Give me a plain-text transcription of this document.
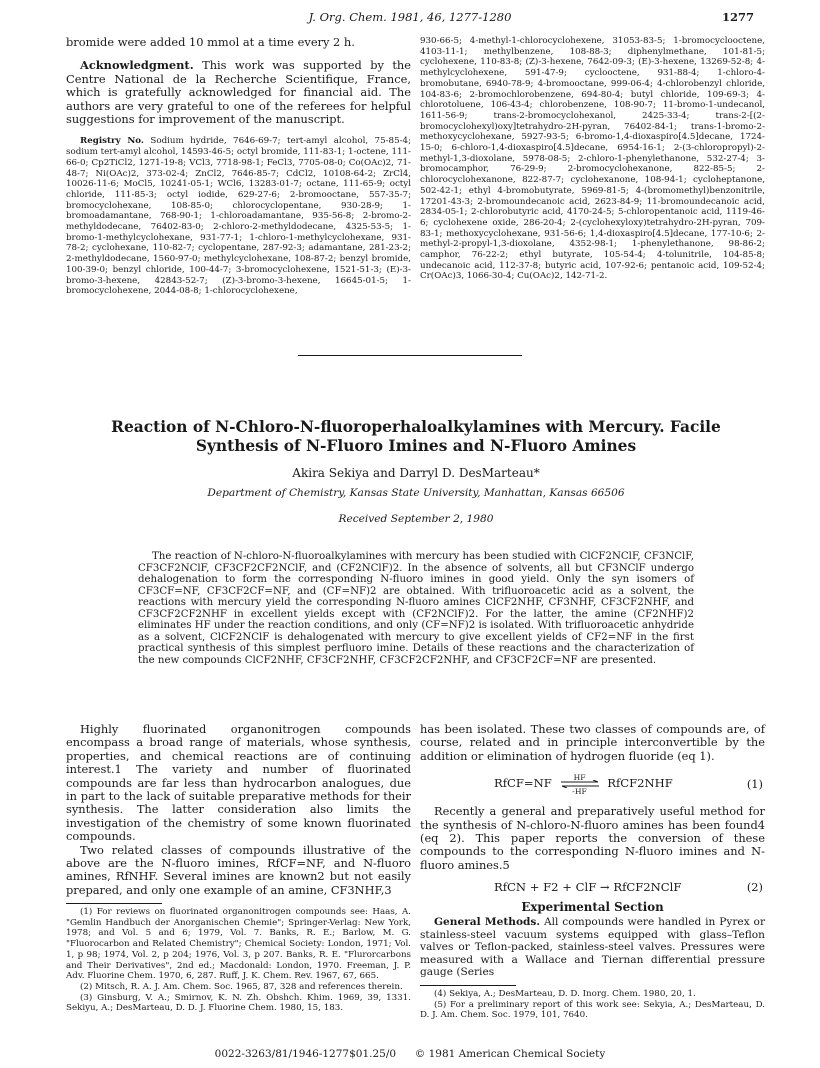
J. Org. Chem. 1981, 46, 1277-1280	1277

bromide were added 10 mmol at a time every 2 h.

Acknowledgment. This work was supported by the Centre National de la Recherche Scientifique, France, which is gratefully acknowledged for financial aid. The authors are very grateful to one of the referees for helpful suggestions for improvement of the manuscript.

Registry No. Sodium hydride, 7646-69-7; tert-amyl alcohol, 75-85-4; sodium tert-amyl alcohol, 14593-46-5; octyl bromide, 111-83-1; 1-octene, 111-66-0; Cp2TiCl2, 1271-19-8; VCl3, 7718-98-1; FeCl3, 7705-08-0; Co(OAc)2, 71-48-7; Ni(OAc)2, 373-02-4; ZnCl2, 7646-85-7; CdCl2, 10108-64-2; ZrCl4, 10026-11-6; MoCl5, 10241-05-1; WCl6, 13283-01-7; octane, 111-65-9; octyl chloride, 111-85-3; octyl iodide, 629-27-6; 2-bromooctane, 557-35-7; bromocyclohexane, 108-85-0; chlorocyclopentane, 930-28-9; 1-bromoadamantane, 768-90-1; 1-chloroadamantane, 935-56-8; 2-bromo-2-methyldodecane, 76402-83-0; 2-chloro-2-methyldodecane, 4325-53-5; 1-bromo-1-methylcyclohexane, 931-77-1; 1-chloro-1-methylcyclohexane, 931-78-2; cyclohexane, 110-82-7; cyclopentane, 287-92-3; adamantane, 281-23-2; 2-methyldodecane, 1560-97-0; methylcyclohexane, 108-87-2; benzyl bromide, 100-39-0; benzyl chloride, 100-44-7; 3-bromocyclohexene, 1521-51-3; (E)-3-bromo-3-hexene, 42843-52-7; (Z)-3-bromo-3-hexene, 16645-01-5; 1-bromocyclohexene, 2044-08-8; 1-chlorocyclohexene,

930-66-5; 4-methyl-1-chlorocyclohexene, 31053-83-5; 1-bromocyclooctene, 4103-11-1; methylbenzene, 108-88-3; diphenylmethane, 101-81-5; cyclohexene, 110-83-8; (Z)-3-hexene, 7642-09-3; (E)-3-hexene, 13269-52-8; 4-methylcyclohexene, 591-47-9; cyclooctene, 931-88-4; 1-chloro-4-bromobutane, 6940-78-9; 4-bromooctane, 999-06-4; 4-chlorobenzyl chloride, 104-83-6; 2-bromochlorobenzene, 694-80-4; butyl chloride, 109-69-3; 4-chlorotoluene, 106-43-4; chlorobenzene, 108-90-7; 11-bromo-1-undecanol, 1611-56-9; trans-2-bromocyclohexanol, 2425-33-4; trans-2-[(2-bromocyclohexyl)oxy]tetrahydro-2H-pyran, 76402-84-1; trans-1-bromo-2-methoxycyclohexane, 5927-93-5; 6-bromo-1,4-dioxaspiro[4.5]decane, 1724-15-0; 6-chloro-1,4-dioxaspiro[4.5]decane, 6954-16-1; 2-(3-chloropropyl)-2-methyl-1,3-dioxolane, 5978-08-5; 2-chloro-1-phenylethanone, 532-27-4; 3-bromocamphor, 76-29-9; 2-bromocyclohexanone, 822-85-5; 2-chlorocyclohexanone, 822-87-7; cyclohexanone, 108-94-1; cycloheptanone, 502-42-1; ethyl 4-bromobutyrate, 5969-81-5; 4-(bromomethyl)benzonitrile, 17201-43-3; 2-bromoundecanoic acid, 2623-84-9; 11-bromoundecanoic acid, 2834-05-1; 2-chlorobutyric acid, 4170-24-5; 5-chloropentanoic acid, 1119-46-6; cyclohexene oxide, 286-20-4; 2-(cyclohexyloxy)tetrahydro-2H-pyran, 709-83-1; methoxycyclohexane, 931-56-6; 1,4-dioxaspiro[4.5]decane, 177-10-6; 2-methyl-2-propyl-1,3-dioxolane, 4352-98-1; 1-phenylethanone, 98-86-2; camphor, 76-22-2; ethyl butyrate, 105-54-4; 4-tolunitrile, 104-85-8; undecanoic acid, 112-37-8; butyric acid, 107-92-6; pentanoic acid, 109-52-4; Cr(OAc)3, 1066-30-4; Cu(OAc)2, 142-71-2.

Reaction of N-Chloro-N-fluoroperhaloalkylamines with Mercury. Facile
Synthesis of N-Fluoro Imines and N-Fluoro Amines
Akira Sekiya and Darryl D. DesMarteau*
Department of Chemistry, Kansas State University, Manhattan, Kansas 66506
Received September 2, 1980

The reaction of N-chloro-N-fluoroalkylamines with mercury has been studied with ClCF2NClF, CF3NClF, CF3CF2NClF, CF3CF2CF2NClF, and (CF2NClF)2. In the absence of solvents, all but CF3NClF undergo dehalogenation to form the corresponding N-fluoro imines in good yield. Only the syn isomers of CF3CF=NF, CF3CF2CF=NF, and (CF=NF)2 are obtained. With trifluoroacetic acid as a solvent, the reactions with mercury yield the corresponding N-fluoro amines ClCF2NHF, CF3NHF, CF3CF2NHF, and CF3CF2CF2NHF in excellent yields except with (CF2NClF)2. For the latter, the amine (CF2NHF)2 eliminates HF under the reaction conditions, and only (CF=NF)2 is isolated. With trifluoroacetic anhydride as a solvent, ClCF2NClF is dehalogenated with mercury to give excellent yields of CF2=NF in the first practical synthesis of this simplest perfluoro imine. Details of these reactions and the characterization of the new compounds ClCF2NHF, CF3CF2NHF, CF3CF2CF2NHF, and CF3CF2CF=NF are presented.

Highly fluorinated organonitrogen compounds encompass a broad range of materials, whose synthesis, properties, and chemical reactions are of continuing interest.1 The variety and number of fluorinated compounds are far less than hydrocarbon analogues, due in part to the lack of suitable preparative methods for their synthesis. The latter consideration also limits the investigation of the chemistry of some known fluorinated compounds.

Two related classes of compounds illustrative of the above are the N-fluoro imines, RfCF=NF, and N-fluoro amines, RfNHF. Several imines are known2 but not easily prepared, and only one example of an amine, CF3NHF,3

(1) For reviews on fluorinated organonitrogen compounds see: Haas, A. "Gemlin Handbuch der Anorganischen Chemie"; Springer-Verlag: New York, 1978; and Vol. 5 and 6; 1979, Vol. 7. Banks, R. E.; Barlow, M. G. "Fluorocarbon and Related Chemistry"; Chemical Society: London, 1971; Vol. 1, p 98; 1974, Vol. 2, p 204; 1976, Vol. 3, p 207. Banks, R. E. "Flurorcarbons and Their Derivatives", 2nd ed.; Macdonald: London, 1970. Freeman, J. P. Adv. Fluorine Chem. 1970, 6, 287. Ruff, J. K. Chem. Rev. 1967, 67, 665.

(2) Mitsch, R. A. J. Am. Chem. Soc. 1965, 87, 328 and references therein.

(3) Ginsburg, V. A.; Smirnov, K. N. Zh. Obshch. Khim. 1969, 39, 1331. Sekiyu, A.; DesMarteau, D. D. J. Fluorine Chem. 1980, 15, 183.

has been isolated. These two classes of compounds are, of course, related and in principle interconvertible by the addition or elimination of hydrogen fluoride (eq 1).

RfCF=NF	HF
-HF
RfCF2NHF	(1)

Recently a general and preparatively useful method for the synthesis of N-chloro-N-fluoro amines has been found4 (eq 2). This paper reports the conversion of these compounds to the corresponding N-fluoro imines and N-fluoro amines.5

RfCN + F2 + ClF → RfCF2NClF	(2)

Experimental Section

General Methods. All compounds were handled in Pyrex or stainless-steel vacuum systems equipped with glass–Teflon valves or Teflon-packed, stainless-steel valves. Pressures were measured with a Wallace and Tiernan differential pressure gauge (Series

(4) Sekiya, A.; DesMarteau, D. D. Inorg. Chem. 1980, 20, 1.

(5) For a preliminary report of this work see: Sekyia, A.; DesMarteau, D. D. J. Am. Chem. Soc. 1979, 101, 7640.

0022-3263/81/1946-1277$01.25/0 © 1981 American Chemical Society
